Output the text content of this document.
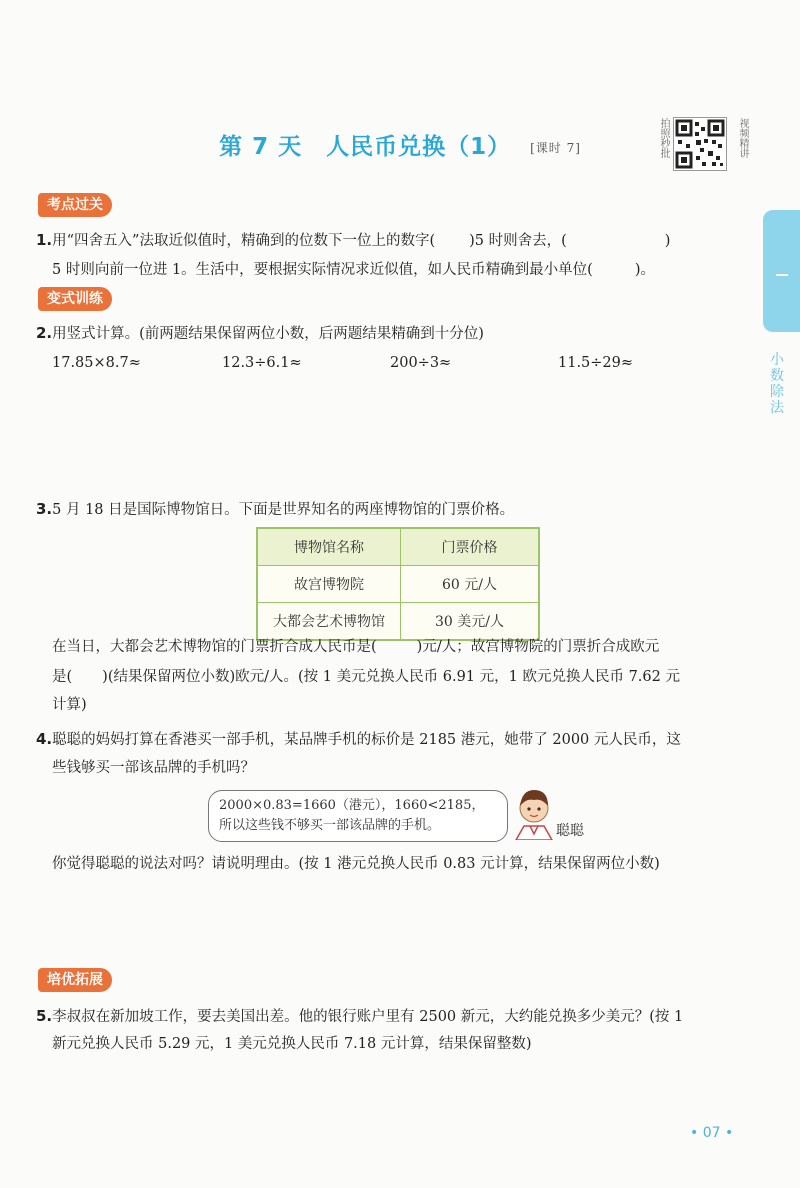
第 7 天　人民币兑换（1） [课时 7]	拍照秒批	视频精讲
小数除法
考点过关
1.用“四舍五入”法取近似值时，精确到的位数下一位上的数字( )5 时则舍去，(	)
5 时则向前一位进 1。生活中，要根据实际情况求近似值，如人民币精确到最小单位(	)。
变式训练
2.用竖式计算。(前两题结果保留两位小数，后两题结果精确到十分位)
17.85×8.7≈	12.3÷6.1≈	200÷3≈	11.5÷29≈
3.5 月 18 日是国际博物馆日。下面是世界知名的两座博物馆的门票价格。
博物馆名称	门票价格
故宫博物院	60 元/人
大都会艺术博物馆	30 美元/人
在当日，大都会艺术博物馆的门票折合成人民币是(	)元/人；故宫博物院的门票折合成欧元
是( )(结果保留两位小数)欧元/人。(按 1 美元兑换人民币 6.91 元，1 欧元兑换人民币 7.62 元
计算)
4.聪聪的妈妈打算在香港买一部手机，某品牌手机的标价是 2185 港元，她带了 2000 元人民币，这
些钱够买一部该品牌的手机吗？
2000×0.83=1660（港元），1660<2185，
所以这些钱不够买一部该品牌的手机。	聪聪
你觉得聪聪的说法对吗？请说明理由。(按 1 港元兑换人民币 0.83 元计算，结果保留两位小数)
培优拓展
5.李叔叔在新加坡工作，要去美国出差。他的银行账户里有 2500 新元，大约能兑换多少美元？(按 1
新元兑换人民币 5.29 元，1 美元兑换人民币 7.18 元计算，结果保留整数)
• 07 •
